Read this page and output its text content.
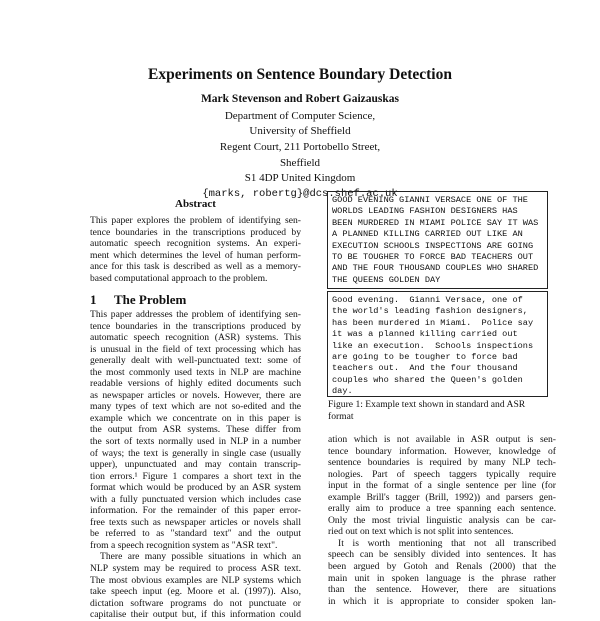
Experiments on Sentence Boundary Detection
Mark Stevenson and Robert Gaizauskas
Department of Computer Science,
University of Sheffield
Regent Court, 211 Portobello Street,
Sheffield
S1 4DP United Kingdom
{marks, robertg}@dcs.shef.ac.uk
Abstract
This paper explores the problem of identifying sen-
tence boundaries in the transcriptions produced by
automatic speech recognition systems. An experi-
ment which determines the level of human perform-
ance for this task is described as well as a memory-
based computational approach to the problem.
1 The Problem
This paper addresses the problem of identifying sen-
tence boundaries in the transcriptions produced by
automatic speech recognition (ASR) systems. This
is unusual in the field of text processing which has
generally dealt with well-punctuated text: some of
the most commonly used texts in NLP are machine
readable versions of highly edited documents such
as newspaper articles or novels. However, there are
many types of text which are not so-edited and the
example which we concentrate on in this paper is
the output from ASR systems. These differ from
the sort of texts normally used in NLP in a number
of ways; the text is generally in single case (usually
upper), unpunctuated and may contain transcrip-
tion errors.¹ Figure 1 compares a short text in the
format which would be produced by an ASR system
with a fully punctuated version which includes case
information. For the remainder of this paper error-
free texts such as newspaper articles or novels shall
be referred to as "standard text" and the output
from a speech recognition system as "ASR text".
There are many possible situations in which an
NLP system may be required to process ASR text.
The most obvious examples are NLP systems which
take speech input (eg. Moore et al. (1997)). Also,
dictation software programs do not punctuate or
capitalise their output but, if this information could
GOOD EVENING GIANNI VERSACE ONE OF THE
WORLDS LEADING FASHION DESIGNERS HAS
BEEN MURDERED IN MIAMI POLICE SAY IT WAS
A PLANNED KILLING CARRIED OUT LIKE AN
EXECUTION SCHOOLS INSPECTIONS ARE GOING
TO BE TOUGHER TO FORCE BAD TEACHERS OUT
AND THE FOUR THOUSAND COUPLES WHO SHARED
THE QUEENS GOLDEN DAY
Good evening.  Gianni Versace, one of
the world's leading fashion designers,
has been murdered in Miami.  Police say
it was a planned killing carried out
like an execution.  Schools inspections
are going to be tougher to force bad
teachers out.  And the four thousand
couples who shared the Queen's golden
day.
Figure 1: Example text shown in standard and ASR
format
ation which is not available in ASR output is sen-
tence boundary information. However, knowledge of
sentence boundaries is required by many NLP tech-
nologies. Part of speech taggers typically require
input in the format of a single sentence per line (for
example Brill's tagger (Brill, 1992)) and parsers gen-
erally aim to produce a tree spanning each sentence.
Only the most trivial linguistic analysis can be car-
ried out on text which is not split into sentences.
It is worth mentioning that not all transcribed
speech can be sensibly divided into sentences. It has
been argued by Gotoh and Renals (2000) that the
main unit in spoken language is the phrase rather
than the sentence. However, there are situations
in which it is appropriate to consider spoken lan-
